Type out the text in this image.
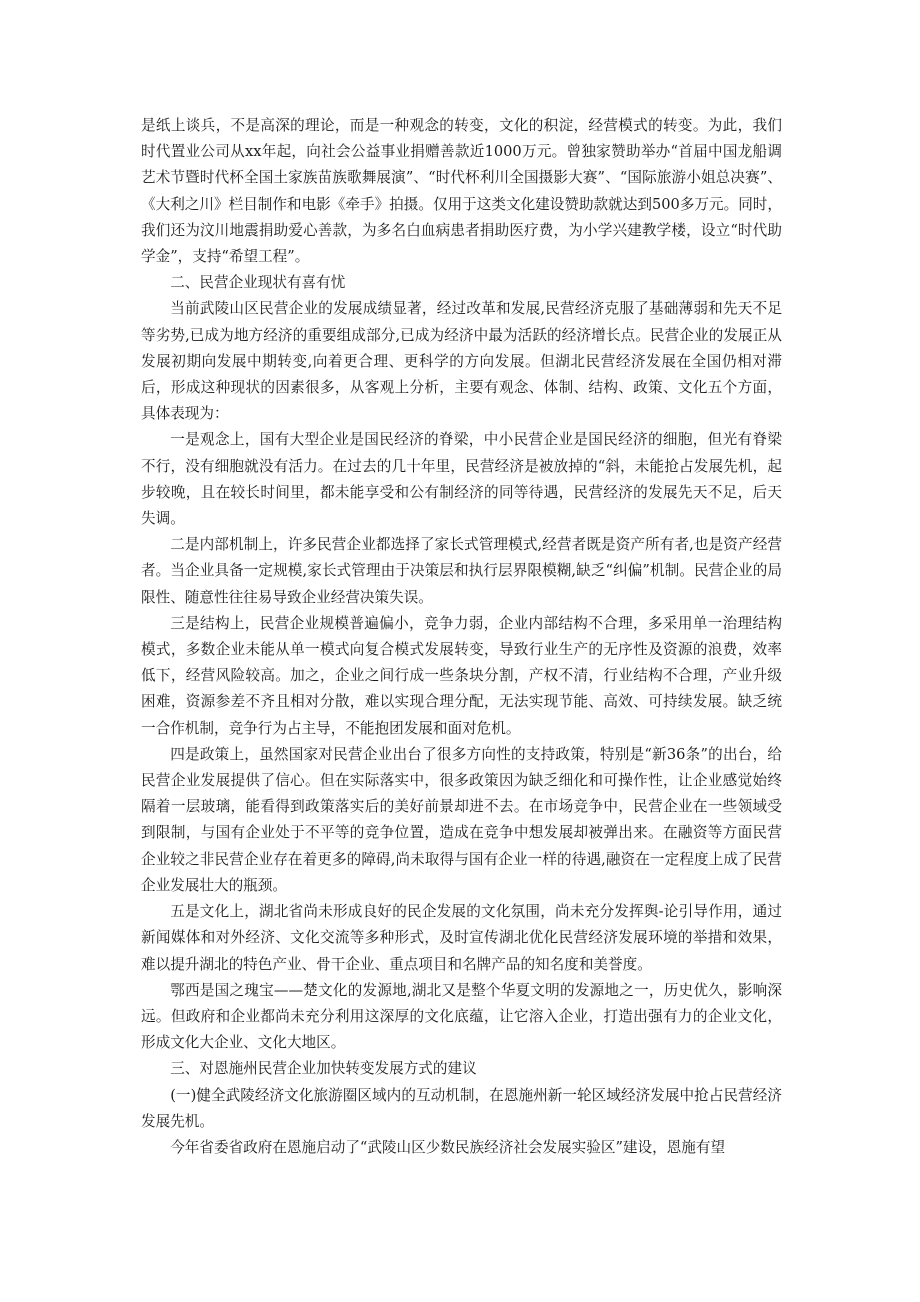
是纸上谈兵，不是高深的理论，而是一种观念的转变，文化的积淀，经营模式的转变。为此，我们时代置业公司从xx年起，向社会公益事业捐赠善款近1000万元。曾独家赞助举办“首届中国龙船调艺术节暨时代杯全国土家族苗族歌舞展演”、“时代杯利川全国摄影大赛”、“国际旅游小姐总决赛”、《大利之川》栏目制作和电影《牵手》拍摄。仅用于这类文化建设赞助款就达到500多万元。同时，我们还为汶川地震捐助爱心善款，为多名白血病患者捐助医疗费，为小学兴建教学楼，设立“时代助学金”，支持“希望工程”。

二、民营企业现状有喜有忧

当前武陵山区民营企业的发展成绩显著，经过改革和发展,民营经济克服了基础薄弱和先天不足等劣势,已成为地方经济的重要组成部分,已成为经济中最为活跃的经济增长点。民营企业的发展正从发展初期向发展中期转变,向着更合理、更科学的方向发展。但湖北民营经济发展在全国仍相对滞后，形成这种现状的因素很多，从客观上分析，主要有观念、体制、结构、政策、文化五个方面，具体表现为：

一是观念上，国有大型企业是国民经济的脊梁，中小民营企业是国民经济的细胞，但光有脊梁不行，没有细胞就没有活力。在过去的几十年里，民营经济是被放掉的“斜，未能抢占发展先机，起步较晚，且在较长时间里，都未能享受和公有制经济的同等待遇，民营经济的发展先天不足，后天失调。

二是内部机制上，许多民营企业都选择了家长式管理模式,经营者既是资产所有者,也是资产经营者。当企业具备一定规模,家长式管理由于决策层和执行层界限模糊,缺乏“纠偏”机制。民营企业的局限性、随意性往往易导致企业经营决策失误。

三是结构上，民营企业规模普遍偏小，竞争力弱，企业内部结构不合理，多采用单一治理结构模式，多数企业未能从单一模式向复合模式发展转变，导致行业生产的无序性及资源的浪费，效率低下，经营风险较高。加之，企业之间行成一些条块分割，产权不清，行业结构不合理，产业升级困难，资源参差不齐且相对分散，难以实现合理分配，无法实现节能、高效、可持续发展。缺乏统一合作机制，竞争行为占主导，不能抱团发展和面对危机。

四是政策上，虽然国家对民营企业出台了很多方向性的支持政策，特别是“新36条”的出台，给民营企业发展提供了信心。但在实际落实中，很多政策因为缺乏细化和可操作性，让企业感觉始终隔着一层玻璃，能看得到政策落实后的美好前景却进不去。在市场竞争中，民营企业在一些领域受到限制，与国有企业处于不平等的竞争位置，造成在竞争中想发展却被弹出来。在融资等方面民营企业较之非民营企业存在着更多的障碍,尚未取得与国有企业一样的待遇,融资在一定程度上成了民营企业发展壮大的瓶颈。

五是文化上，湖北省尚未形成良好的民企发展的文化氛围，尚未充分发挥舆-论引导作用，通过新闻媒体和对外经济、文化交流等多种形式，及时宣传湖北优化民营经济发展环境的举措和效果，难以提升湖北的特色产业、骨干企业、重点项目和名牌产品的知名度和美誉度。

鄂西是国之瑰宝——楚文化的发源地,湖北又是整个华夏文明的发源地之一，历史优久，影响深远。但政府和企业都尚未充分利用这深厚的文化底蕴，让它溶入企业，打造出强有力的企业文化，形成文化大企业、文化大地区。

三、对恩施州民营企业加快转变发展方式的建议

(一)健全武陵经济文化旅游圈区域内的互动机制，在恩施州新一轮区域经济发展中抢占民营经济发展先机。

今年省委省政府在恩施启动了“武陵山区少数民族经济社会发展实验区”建设，恩施有望
